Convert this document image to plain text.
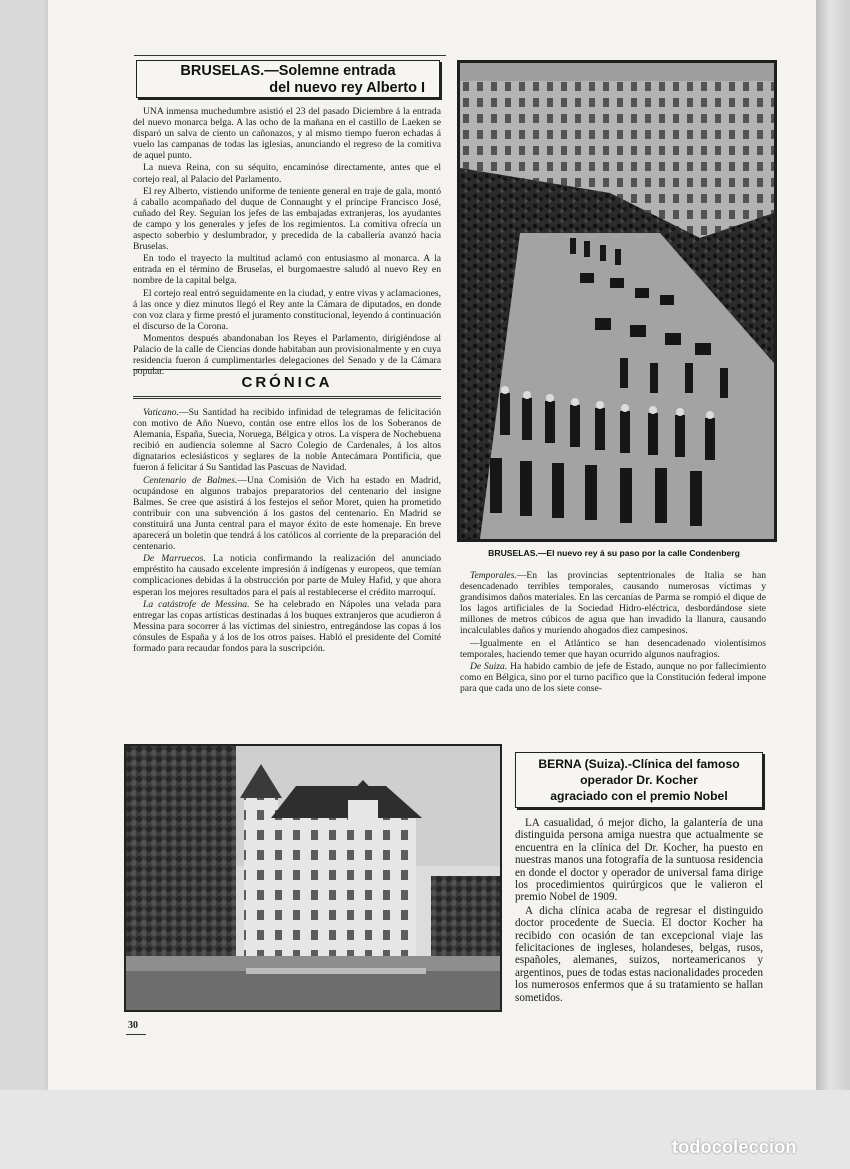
BRUSELAS.—Solemne entrada
del nuevo rey Alberto I

UNA inmensa muchedumbre asistió el 23 del pasado Diciembre á la entrada del nuevo monarca belga. A las ocho de la mañana en el castillo de Laeken se disparó un salva de ciento un cañonazos, y al mismo tiempo fueron echadas á vuelo las campanas de todas las iglesias, anunciando el regreso de la comitiva de aquel punto.

La nueva Reina, con su séquito, encaminóse directamente, antes que el cortejo real, al Palacio del Parlamento.

El rey Alberto, vistiendo uniforme de teniente general en traje de gala, montó á caballo acompañado del duque de Connaught y el príncipe Francisco José, cuñado del Rey. Seguían los jefes de las embajadas extranjeras, los ayudantes de campo y los generales y jefes de los regimientos. La comitiva ofrecía un aspecto soberbio y deslumbrador, y precedida de la caballería avanzó hacia Bruselas.

En todo el trayecto la multitud aclamó con entusiasmo al monarca. A la entrada en el término de Bruselas, el burgomaestre saludó al nuevo Rey en nombre de la capital belga.

El cortejo real entró seguidamente en la ciudad, y entre vivas y aclamaciones, á las once y diez minutos llegó el Rey ante la Cámara de diputados, en donde con voz clara y firme prestó el juramento constitucional, leyendo á continuación el discurso de la Corona.

Momentos después abandonaban los Reyes el Parlamento, dirigiéndose al Palacio de la calle de Ciencias donde habitaban aun provisionalmente y en cuya residencia fueron á cumplimentarles delegaciones del Senado y de la Cámara popular.

CRÓNICA

Vaticano.—Su Santidad ha recibido infinidad de telegramas de felicitación con motivo de Año Nuevo, contán ose entre ellos los de los Soberanos de Alemania, España, Suecia, Noruega, Bélgica y otros. La víspera de Nochebuena recibió en audiencia solemne al Sacro Colegio de Cardenales, á los altos dignatarios eclesiásticos y seglares de la noble Antecámara Pontificia, que fueron á felicitar á Su Santidad las Pascuas de Navidad.

Centenario de Balmes.—Una Comisión de Vich ha estado en Madrid, ocupándose en algunos trabajos preparatorios del centenario del insigne Balmes. Se cree que asistirá á los festejos el señor Moret, quien ha prometido contribuir con una subvención á los gastos del centenario. En Madrid se constituirá una Junta central para el mayor éxito de este homenaje. En breve aparecerá un boletín que tendrá á los católicos al corriente de la preparación del centenario.

De Marruecos. La noticia confirmando la realización del anunciado empréstito ha causado excelente impresión á indígenas y europeos, que temían complicaciones debidas á la obstrucción por parte de Muley Hafid, y que ahora esperan los mejores resultados para el país al restablecerse el crédito marroquí.

La catástrofe de Messina. Se ha celebrado en Nápoles una velada para entregar las copas artísticas destinadas á los buques extranjeros que acudieron á Messina para socorrer á las víctimas del siniestro, entregándose las copas á los cónsules de España y á los de los otros países. Habló el presidente del Comité formado para recaudar fondos para la suscripción.

BRUSELAS.—El nuevo rey á su paso por la calle Condenberg

Temporales.—En las provincias septentrionales de Italia se han desencadenado terribles temporales, causando numerosas víctimas y grandísimos daños materiales. En las cercanías de Parma se rompió el dique de los lagos artificiales de la Sociedad Hidro-eléctrica, desbordándose siete millones de metros cúbicos de agua que han invadido la llanura, causando incalculables daños y muriendo ahogados diez campesinos.

—Igualmente en el Atlántico se han desencadenado violentísimos temporales, haciendo temer que hayan ocurrido algunos naufragios.

De Suiza. Ha habido cambio de jefe de Estado, aunque no por fallecimiento como en Bélgica, sino por el turno pacífico que la Constitución federal impone para que cada uno de los siete conse-

30
BERNA (Suiza).-Clínica del famoso
operador Dr. Kocher
agraciado con el premio Nobel

LA casualidad, ó mejor dicho, la galantería de una distinguida persona amiga nuestra que actualmente se encuentra en la clínica del Dr. Kocher, ha puesto en nuestras manos una fotografía de la suntuosa residencia en donde el doctor y operador de universal fama dirige los procedimientos quirúrgicos que le valieron el premio Nobel de 1909.

A dicha clínica acaba de regresar el distinguido doctor procedente de Suecia. El doctor Kocher ha recibido con ocasión de tan excepcional viaje las felicitaciones de ingleses, holandeses, belgas, rusos, españoles, alemanes, suizos, norteamericanos y argentinos, pues de todas estas nacionalidades proceden los numerosos enfermos que á su tratamiento se hallan sometidos.

todocoleccion
